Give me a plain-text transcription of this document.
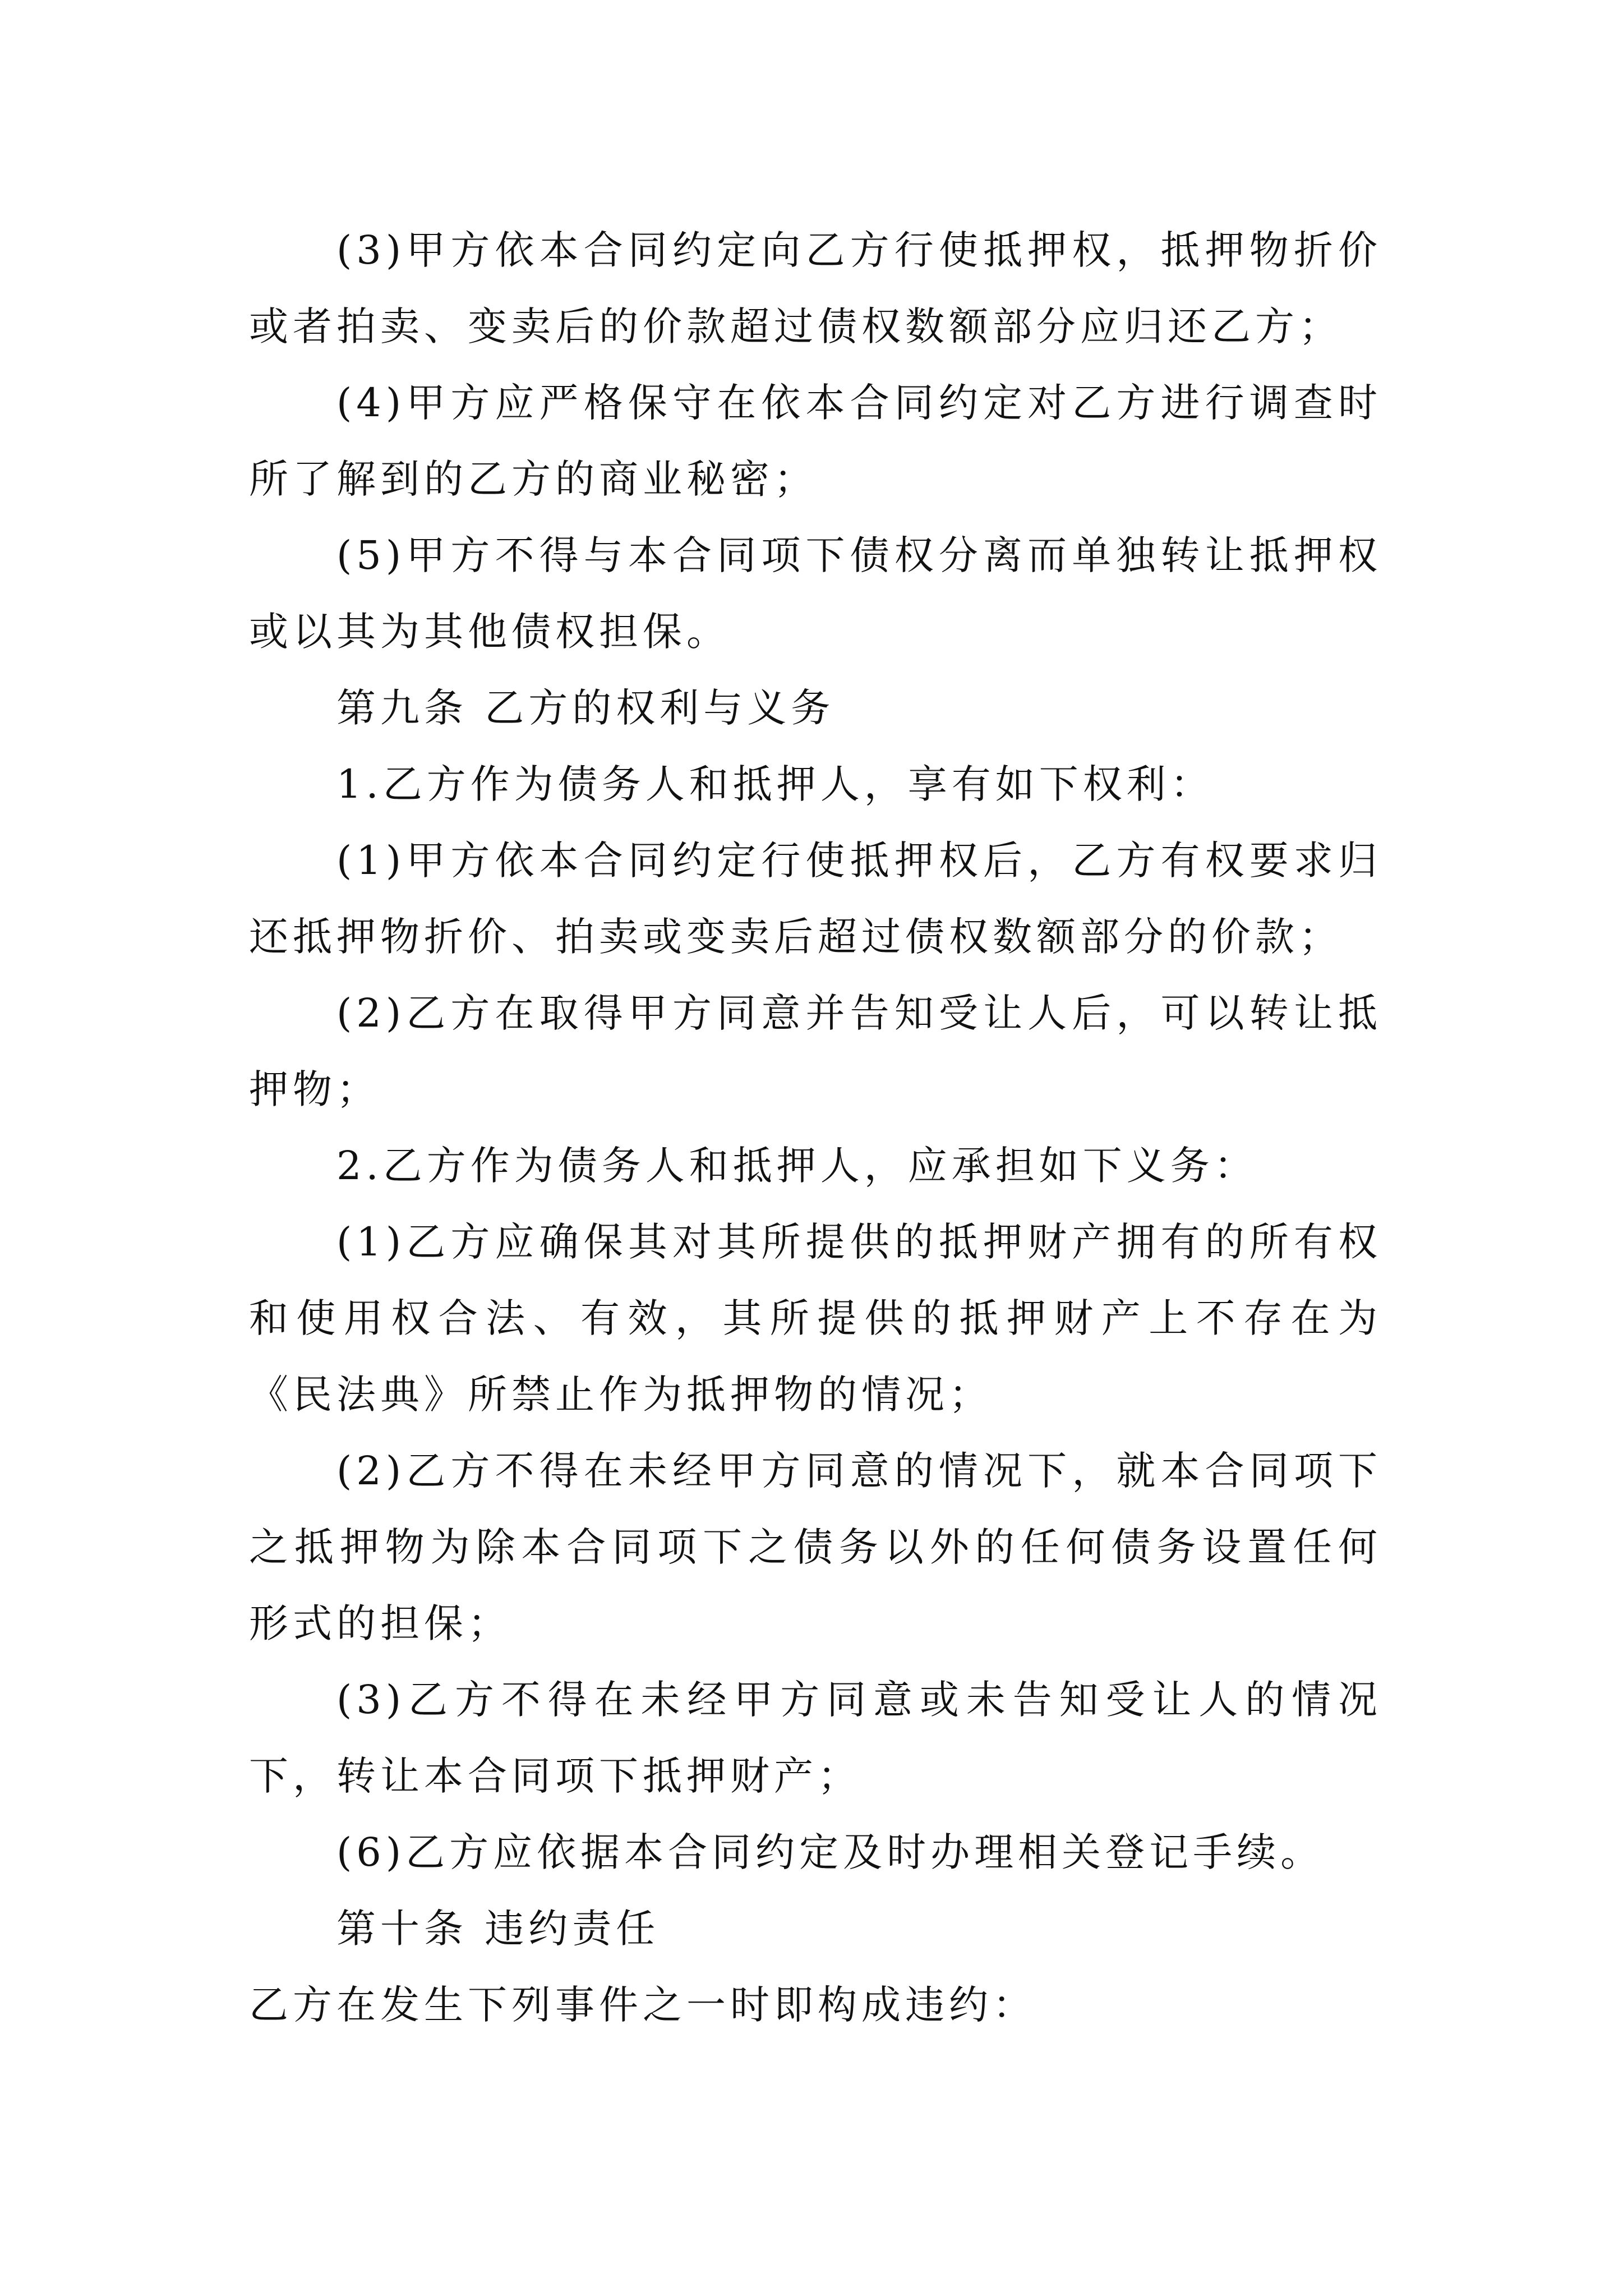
(3)甲方依本合同约定向乙方行使抵押权，抵押物折价或者拍卖、变卖后的价款超过债权数额部分应归还乙方；

(4)甲方应严格保守在依本合同约定对乙方进行调查时所了解到的乙方的商业秘密；

(5)甲方不得与本合同项下债权分离而单独转让抵押权或以其为其他债权担保。

第九条 乙方的权利与义务

1.乙方作为债务人和抵押人，享有如下权利：

(1)甲方依本合同约定行使抵押权后，乙方有权要求归还抵押物折价、拍卖或变卖后超过债权数额部分的价款；

(2)乙方在取得甲方同意并告知受让人后，可以转让抵押物；

2.乙方作为债务人和抵押人，应承担如下义务：

(1)乙方应确保其对其所提供的抵押财产拥有的所有权和使用权合法、有效，其所提供的抵押财产上不存在为《民法典》所禁止作为抵押物的情况；

(2)乙方不得在未经甲方同意的情况下，就本合同项下之抵押物为除本合同项下之债务以外的任何债务设置任何形式的担保；

(3)乙方不得在未经甲方同意或未告知受让人的情况下，转让本合同项下抵押财产；

(6)乙方应依据本合同约定及时办理相关登记手续。

第十条 违约责任

乙方在发生下列事件之一时即构成违约：
